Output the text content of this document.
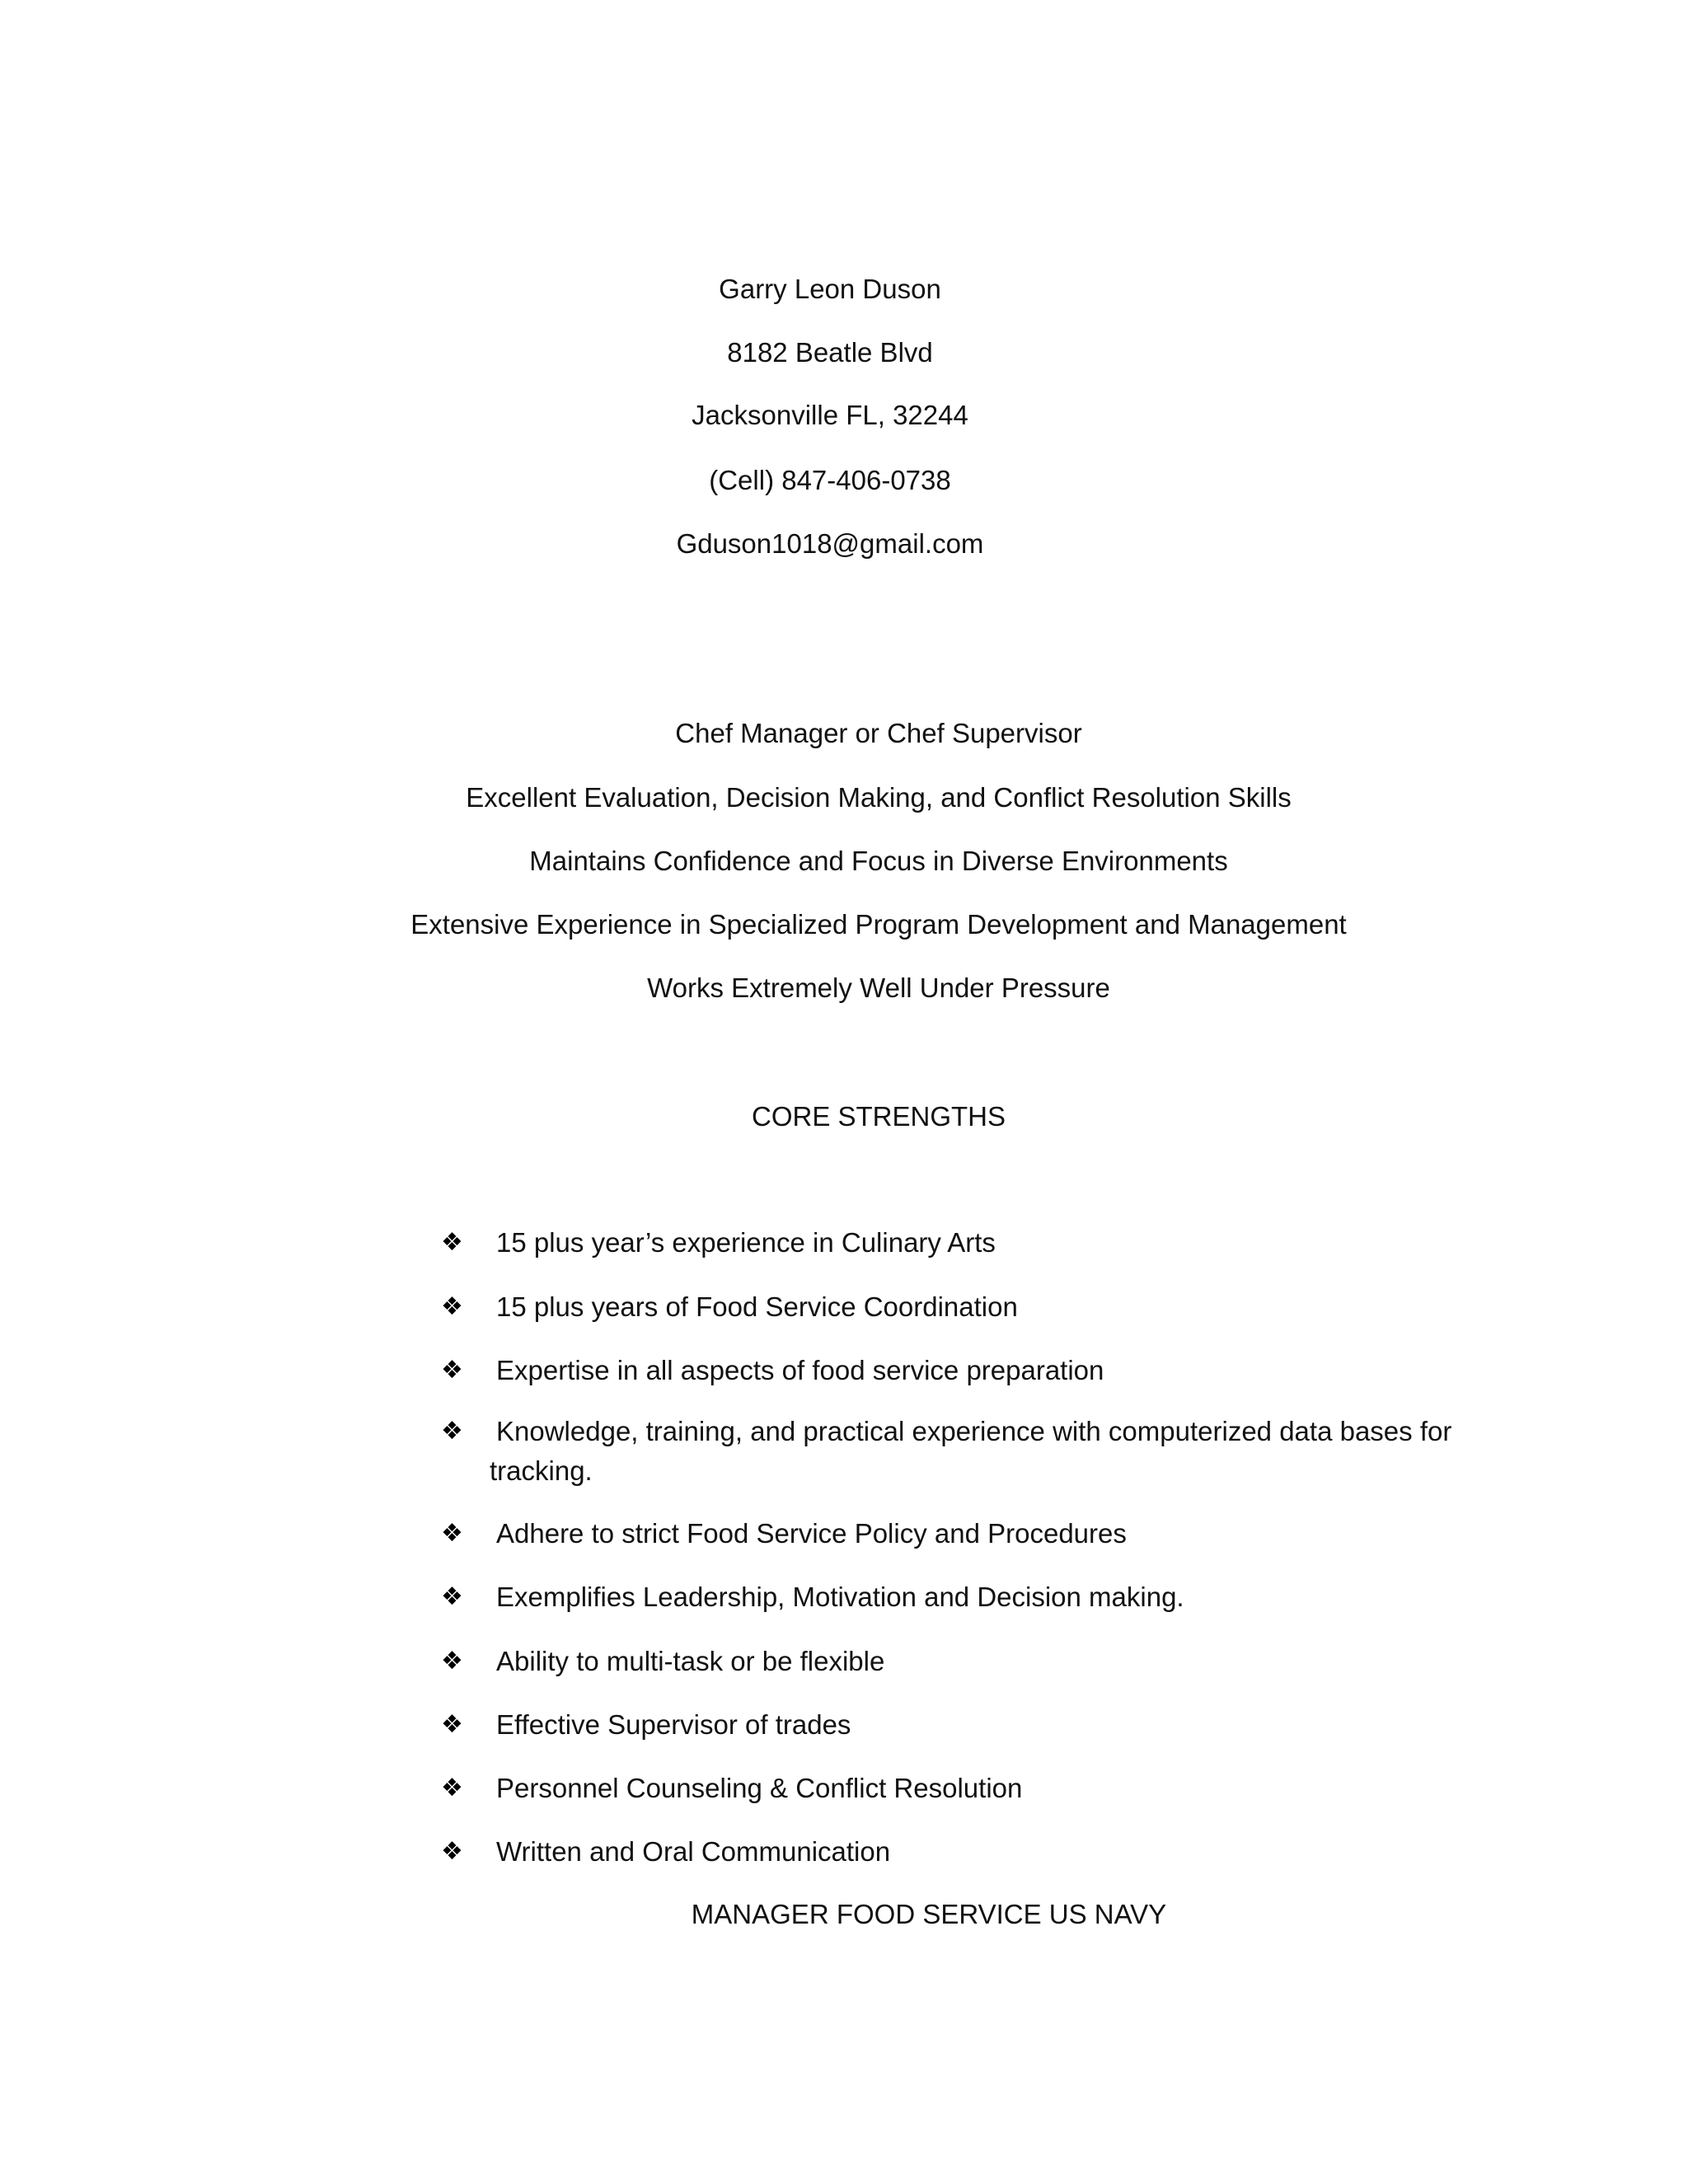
Garry Leon Duson
8182 Beatle Blvd
Jacksonville FL, 32244
(Cell) 847-406-0738
Gduson1018@gmail.com
Chef Manager or Chef Supervisor
Excellent Evaluation, Decision Making, and Conflict Resolution Skills
Maintains Confidence and Focus in Diverse Environments
Extensive Experience in Specialized Program Development and Management
Works Extremely Well Under Pressure
CORE STRENGTHS
❖ 15 plus year’s experience in Culinary Arts
❖ 15 plus years of Food Service Coordination
❖ Expertise in all aspects of food service preparation
❖ Knowledge, training, and practical experience with computerized data bases for
tracking.
❖ Adhere to strict Food Service Policy and Procedures
❖ Exemplifies Leadership, Motivation and Decision making.
❖ Ability to multi-task or be flexible
❖ Effective Supervisor of trades
❖ Personnel Counseling & Conflict Resolution
❖ Written and Oral Communication
MANAGER FOOD SERVICE US NAVY
